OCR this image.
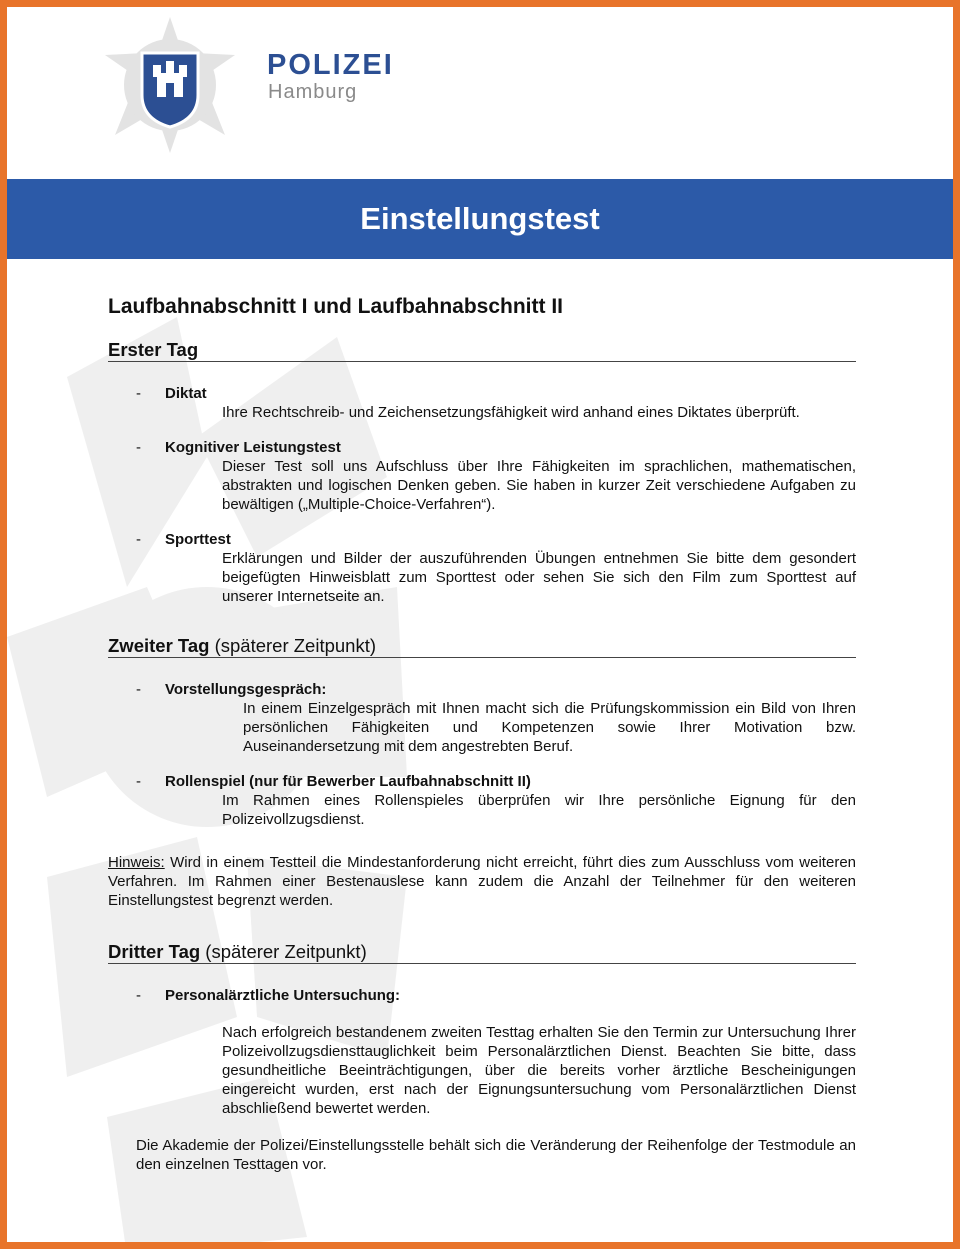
POLIZEI
Hamburg
Einstellungstest
Laufbahnabschnitt I und Laufbahnabschnitt II
Erster Tag
- Diktat
Ihre Rechtschreib- und Zeichensetzungsfähigkeit wird anhand eines Diktates überprüft.
- Kognitiver Leistungstest
Dieser Test soll uns Aufschluss über Ihre Fähigkeiten im sprachlichen, mathematischen, abstrakten und logischen Denken geben. Sie haben in kurzer Zeit verschiedene Aufgaben zu bewältigen („Multiple-Choice-Verfahren“).
- Sporttest
Erklärungen und Bilder der auszuführenden Übungen entnehmen Sie bitte dem gesondert beigefügten Hinweisblatt zum Sporttest oder sehen Sie sich den Film zum Sporttest auf unserer Internetseite an.
Zweiter Tag (späterer Zeitpunkt)
- Vorstellungsgespräch:
In einem Einzelgespräch mit Ihnen macht sich die Prüfungskommission ein Bild von Ihren persönlichen Fähigkeiten und Kompetenzen sowie Ihrer Motivation bzw. Auseinandersetzung mit dem angestrebten Beruf.
- Rollenspiel (nur für Bewerber Laufbahnabschnitt II)
Im Rahmen eines Rollenspieles überprüfen wir Ihre persönliche Eignung für den Polizeivollzugsdienst.
Hinweis: Wird in einem Testteil die Mindestanforderung nicht erreicht, führt dies zum Ausschluss vom weiteren Verfahren. Im Rahmen einer Bestenauslese kann zudem die Anzahl der Teilnehmer für den weiteren Einstellungstest begrenzt werden.
Dritter Tag (späterer Zeitpunkt)
- Personalärztliche Untersuchung:
Nach erfolgreich bestandenem zweiten Testtag erhalten Sie den Termin zur Untersuchung Ihrer Polizeivollzugsdiensttauglichkeit beim Personalärztlichen Dienst. Beachten Sie bitte, dass gesundheitliche Beeinträchtigungen, über die bereits vorher ärztliche Bescheinigungen eingereicht wurden, erst nach der Eignungsuntersuchung vom Personalärztlichen Dienst abschließend bewertet werden.
Die Akademie der Polizei/Einstellungsstelle behält sich die Veränderung der Reihenfolge der Testmodule an den einzelnen Testtagen vor.
